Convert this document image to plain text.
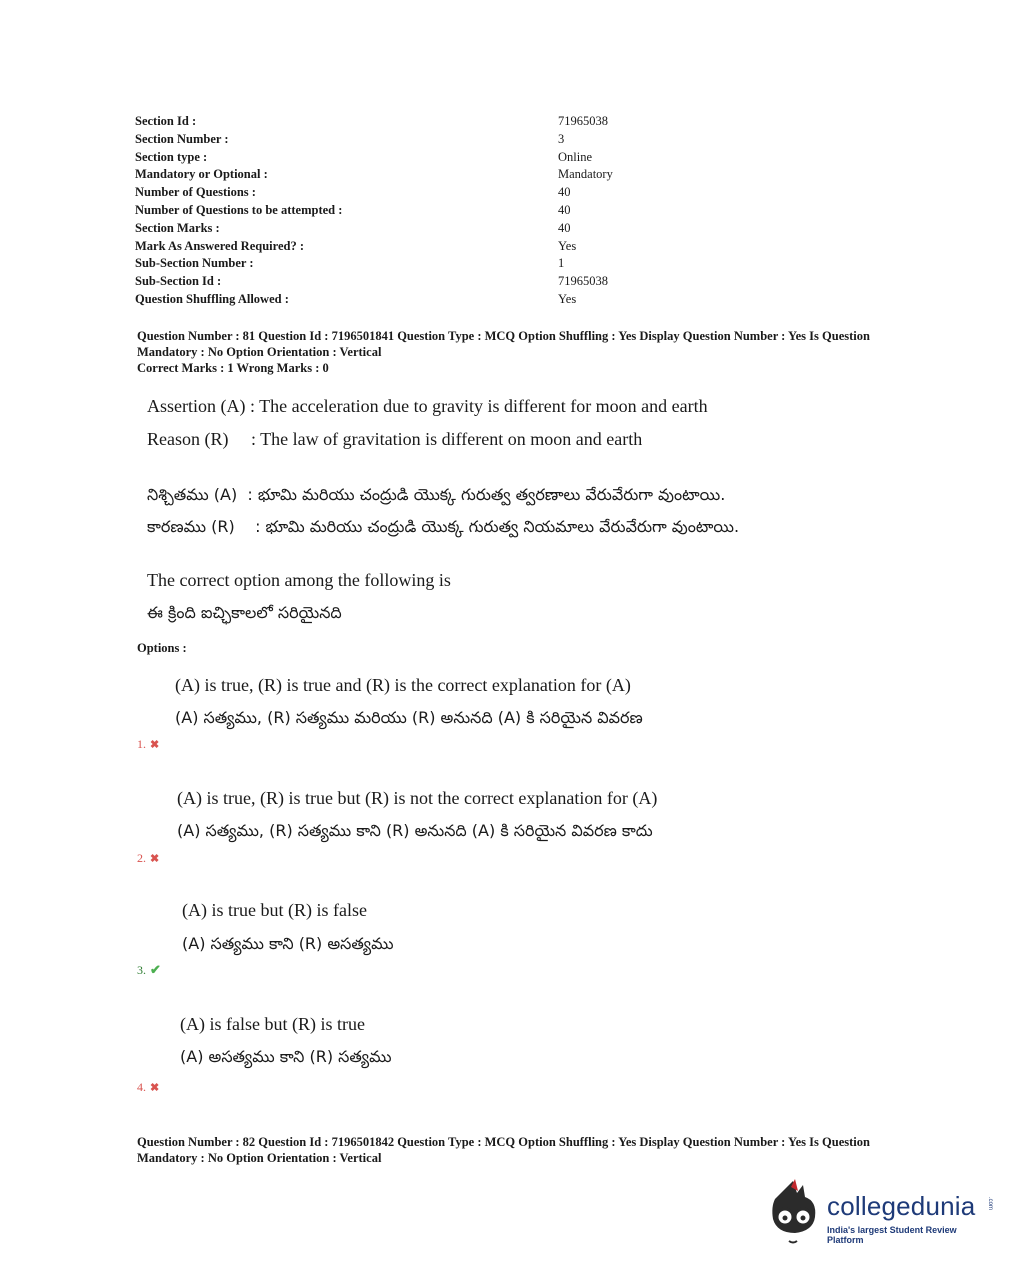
Section Id :	71965038
Section Number :	3
Section type :	Online
Mandatory or Optional :	Mandatory
Number of Questions :	40
Number of Questions to be attempted :	40
Section Marks :	40
Mark As Answered Required? :	Yes
Sub-Section Number :	1
Sub-Section Id :	71965038
Question Shuffling Allowed :	Yes
Question Number : 81 Question Id : 7196501841 Question Type : MCQ Option Shuffling : Yes Display Question Number : Yes Is Question
Mandatory : No Option Orientation : Vertical
Correct Marks : 1 Wrong Marks : 0
Assertion (A) : The acceleration due to gravity is different for moon and earth
Reason (R)     : The law of gravitation is different on moon and earth
నిశ్చితము (A)  : భూమి మరియు చంద్రుడి యొక్క గురుత్వ త్వరణాలు వేరువేరుగా వుంటాయి.
కారణము (R)    : భూమి మరియు చంద్రుడి యొక్క గురుత్వ నియమాలు వేరువేరుగా వుంటాయి.
The correct option among the following is
ఈ క్రింది ఐచ్ఛికాలలో సరియైనది
Options :
(A) is true, (R) is true and (R) is the correct explanation for (A)
(A) సత్యము, (R) సత్యము మరియు (R) అనునది (A) కి సరియైన వివరణ
1. ✖
(A) is true, (R) is true but (R) is not the correct explanation for (A)
(A) సత్యము, (R) సత్యము కాని (R) అనునది (A) కి సరియైన వివరణ కాదు
2. ✖
(A) is true but (R) is false
(A) సత్యము కాని (R) అసత్యము
3. ✔
(A) is false but (R) is true
(A) అసత్యము కాని (R) సత్యము
4. ✖
Question Number : 82 Question Id : 7196501842 Question Type : MCQ Option Shuffling : Yes Display Question Number : Yes Is Question
Mandatory : No Option Orientation : Vertical
collegedunia .com
India's largest Student Review Platform
